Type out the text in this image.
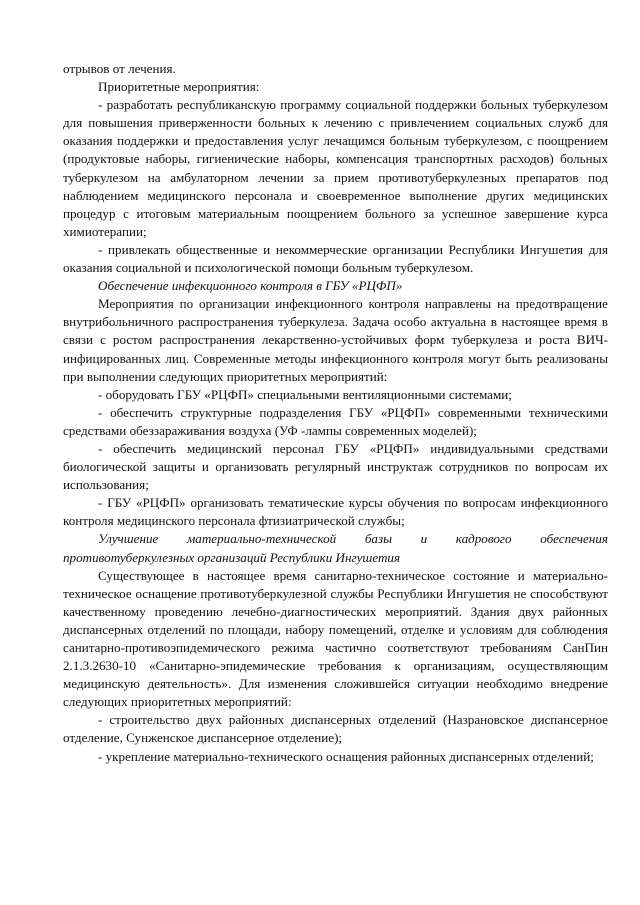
отрывов от лечения.

Приоритетные мероприятия:

- разработать республиканскую программу социальной поддержки больных туберкулезом для повышения приверженности больных к лечению с привлечением социальных служб для оказания поддержки и предоставления услуг лечащимся больным туберкулезом, с поощрением (продуктовые наборы, гигиенические наборы, компенсация транспортных расходов) больных туберкулезом на амбулаторном лечении за прием противотуберкулезных препаратов под наблюдением медицинского персонала и своевременное выполнение других медицинских процедур с итоговым материальным поощрением больного за успешное завершение курса химиотерапии;

- привлекать общественные и некоммерческие организации Республики Ингушетия для оказания социальной и психологической помощи больным туберкулезом.

Обеспечение инфекционного контроля в ГБУ «РЦФП»

Мероприятия по организации инфекционного контроля направлены на предотвращение внутрибольничного распространения туберкулеза. Задача особо актуальна в настоящее время в связи с ростом распространения лекарственно-устойчивых форм туберкулеза и роста ВИЧ-инфицированных лиц. Современные методы инфекционного контроля могут быть реализованы при выполнении следующих приоритетных мероприятий:

- оборудовать ГБУ «РЦФП» специальными вентиляционными системами;

- обеспечить структурные подразделения ГБУ «РЦФП» современными техническими средствами обеззараживания воздуха (УФ -лампы современных моделей);

- обеспечить медицинский персонал ГБУ «РЦФП» индивидуальными средствами биологической защиты и организовать регулярный инструктаж сотрудников по вопросам их использования;

- ГБУ «РЦФП» организовать тематические курсы обучения по вопросам инфекционного контроля медицинского персонала фтизиатрической службы;

Улучшение материально-технической базы и кадрового обеспечения противотуберкулезных организаций Республики Ингушетия

Существующее в настоящее время санитарно-техническое состояние и материально-техническое оснащение противотуберкулезной службы Республики Ингушетия не способствуют качественному проведению лечебно-диагностических мероприятий. Здания двух районных диспансерных отделений по площади, набору помещений, отделке и условиям для соблюдения санитарно-противоэпидемического режима частично соответствуют требованиям СанПин 2.1.3.2630-10 «Санитарно-эпидемические требования к организациям, осуществляющим медицинскую деятельность». Для изменения сложившейся ситуации необходимо внедрение следующих приоритетных мероприятий:

- строительство двух районных диспансерных отделений (Назрановское диспансерное отделение, Сунженское диспансерное отделение);

- укрепление материально-технического оснащения районных диспансерных отделений;
